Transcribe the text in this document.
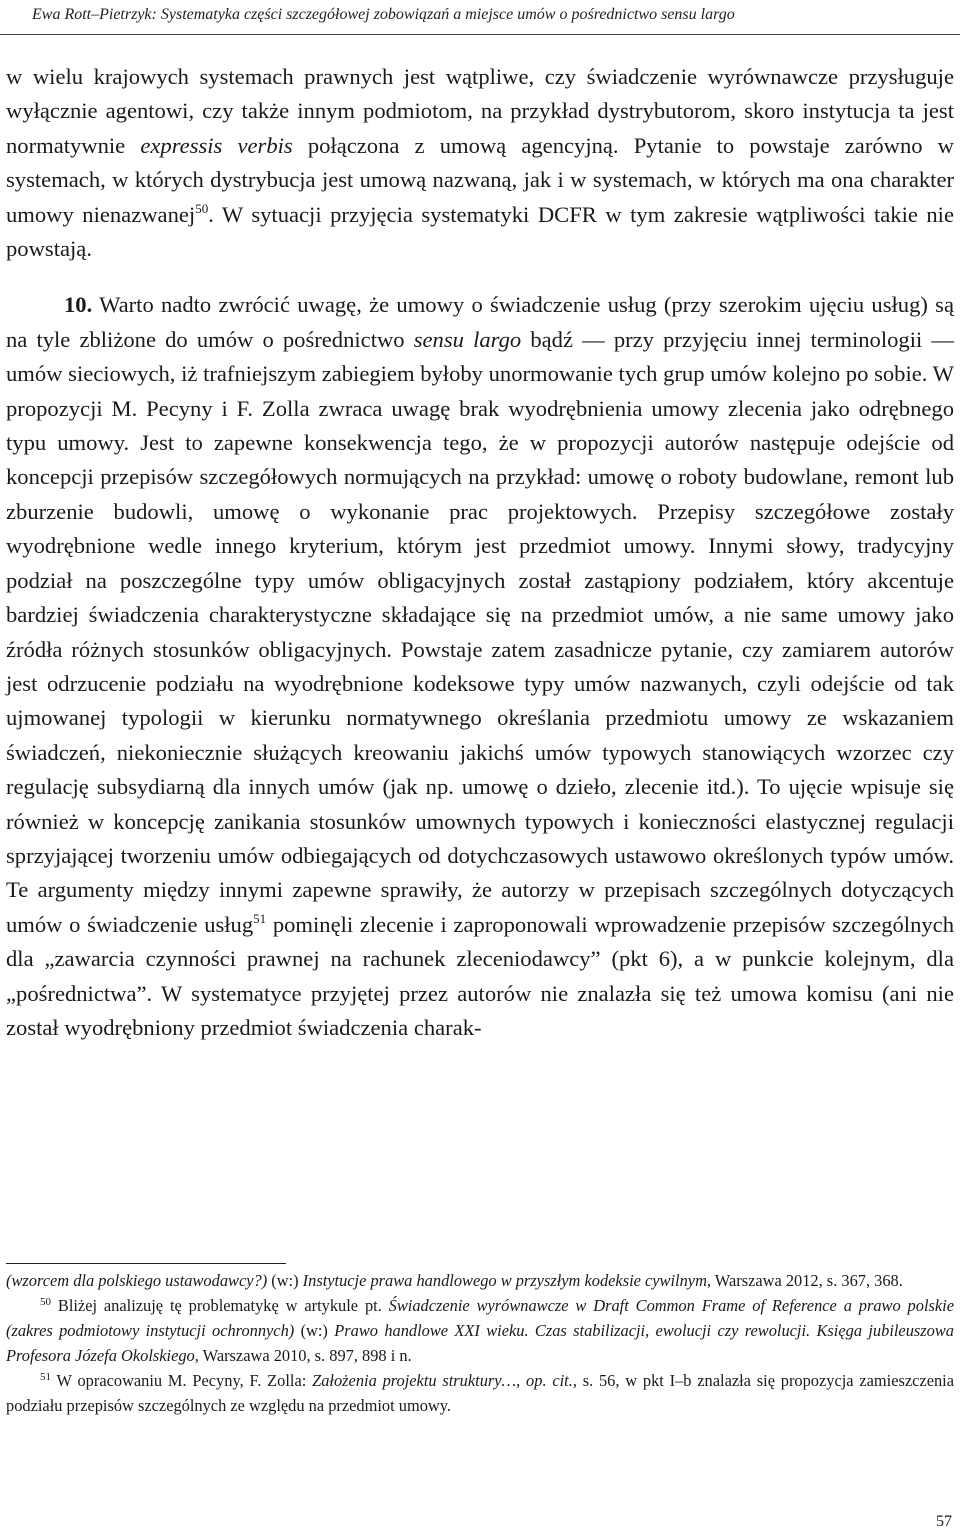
Ewa Rott–Pietrzyk: Systematyka części szczegółowej zobowiązań a miejsce umów o pośrednictwo sensu largo

w wielu krajowych systemach prawnych jest wątpliwe, czy świadczenie wyrównawcze przysługuje wyłącznie agentowi, czy także innym podmiotom, na przykład dystrybutorom, skoro instytucja ta jest normatywnie expressis verbis połączona z umową agencyjną. Pytanie to powstaje zarówno w systemach, w których dystrybucja jest umową nazwaną, jak i w systemach, w których ma ona charakter umowy nienazwanej$^{50}$. W sytuacji przyjęcia systematyki DCFR w tym zakresie wątpliwości takie nie powstają.

10. Warto nadto zwrócić uwagę, że umowy o świadczenie usług (przy szerokim ujęciu usług) są na tyle zbliżone do umów o pośrednictwo sensu largo bądź — przy przyjęciu innej terminologii — umów sieciowych, iż trafniejszym zabiegiem byłoby unormowanie tych grup umów kolejno po sobie. W propozycji M. Pecyny i F. Zolla zwraca uwagę brak wyodrębnienia umowy zlecenia jako odrębnego typu umowy. Jest to zapewne konsekwencja tego, że w propozycji autorów następuje odejście od koncepcji przepisów szczegółowych normujących na przykład: umowę o roboty budowlane, remont lub zburzenie budowli, umowę o wykonanie prac projektowych. Przepisy szczegółowe zostały wyodrębnione wedle innego kryterium, którym jest przedmiot umowy. Innymi słowy, tradycyjny podział na poszczególne typy umów obligacyjnych został zastąpiony podziałem, który akcentuje bardziej świadczenia charakterystyczne składające się na przedmiot umów, a nie same umowy jako źródła różnych stosunków obligacyjnych. Powstaje zatem zasadnicze pytanie, czy zamiarem autorów jest odrzucenie podziału na wyodrębnione kodeksowe typy umów nazwanych, czyli odejście od tak ujmowanej typologii w kierunku normatywnego określania przedmiotu umowy ze wskazaniem świadczeń, niekoniecznie służących kreowaniu jakichś umów typowych stanowiących wzorzec czy regulację subsydiarną dla innych umów (jak np. umowę o dzieło, zlecenie itd.). To ujęcie wpisuje się również w koncepcję zanikania stosunków umownych typowych i konieczności elastycznej regulacji sprzyjającej tworzeniu umów odbiegających od dotychczasowych ustawowo określonych typów umów. Te argumenty między innymi zapewne sprawiły, że autorzy w przepisach szczególnych dotyczących umów o świadczenie usług$^{51}$ pominęli zlecenie i zaproponowali wprowadzenie przepisów szczególnych dla „zawarcia czynności prawnej na rachunek zleceniodawcy” (pkt 6), a w punkcie kolejnym, dla „pośrednictwa”. W systematyce przyjętej przez autorów nie znalazła się też umowa komisu (ani nie został wyodrębniony przedmiot świadczenia charak-

(wzorcem dla polskiego ustawodawcy?) (w:) Instytucje prawa handlowego w przyszłym kodeksie cywilnym, Warszawa 2012, s. 367, 368.

$^{50}$ Bliżej analizuję tę problematykę w artykule pt. Świadczenie wyrównawcze w Draft Common Frame of Reference a prawo polskie (zakres podmiotowy instytucji ochronnych) (w:) Prawo handlowe XXI wieku. Czas stabilizacji, ewolucji czy rewolucji. Księga jubileuszowa Profesora Józefa Okolskiego, Warszawa 2010, s. 897, 898 i n.

$^{51}$ W opracowaniu M. Pecyny, F. Zolla: Założenia projektu struktury…, op. cit., s. 56, w pkt I–b znalazła się propozycja zamieszczenia podziału przepisów szczególnych ze względu na przedmiot umowy.

57
